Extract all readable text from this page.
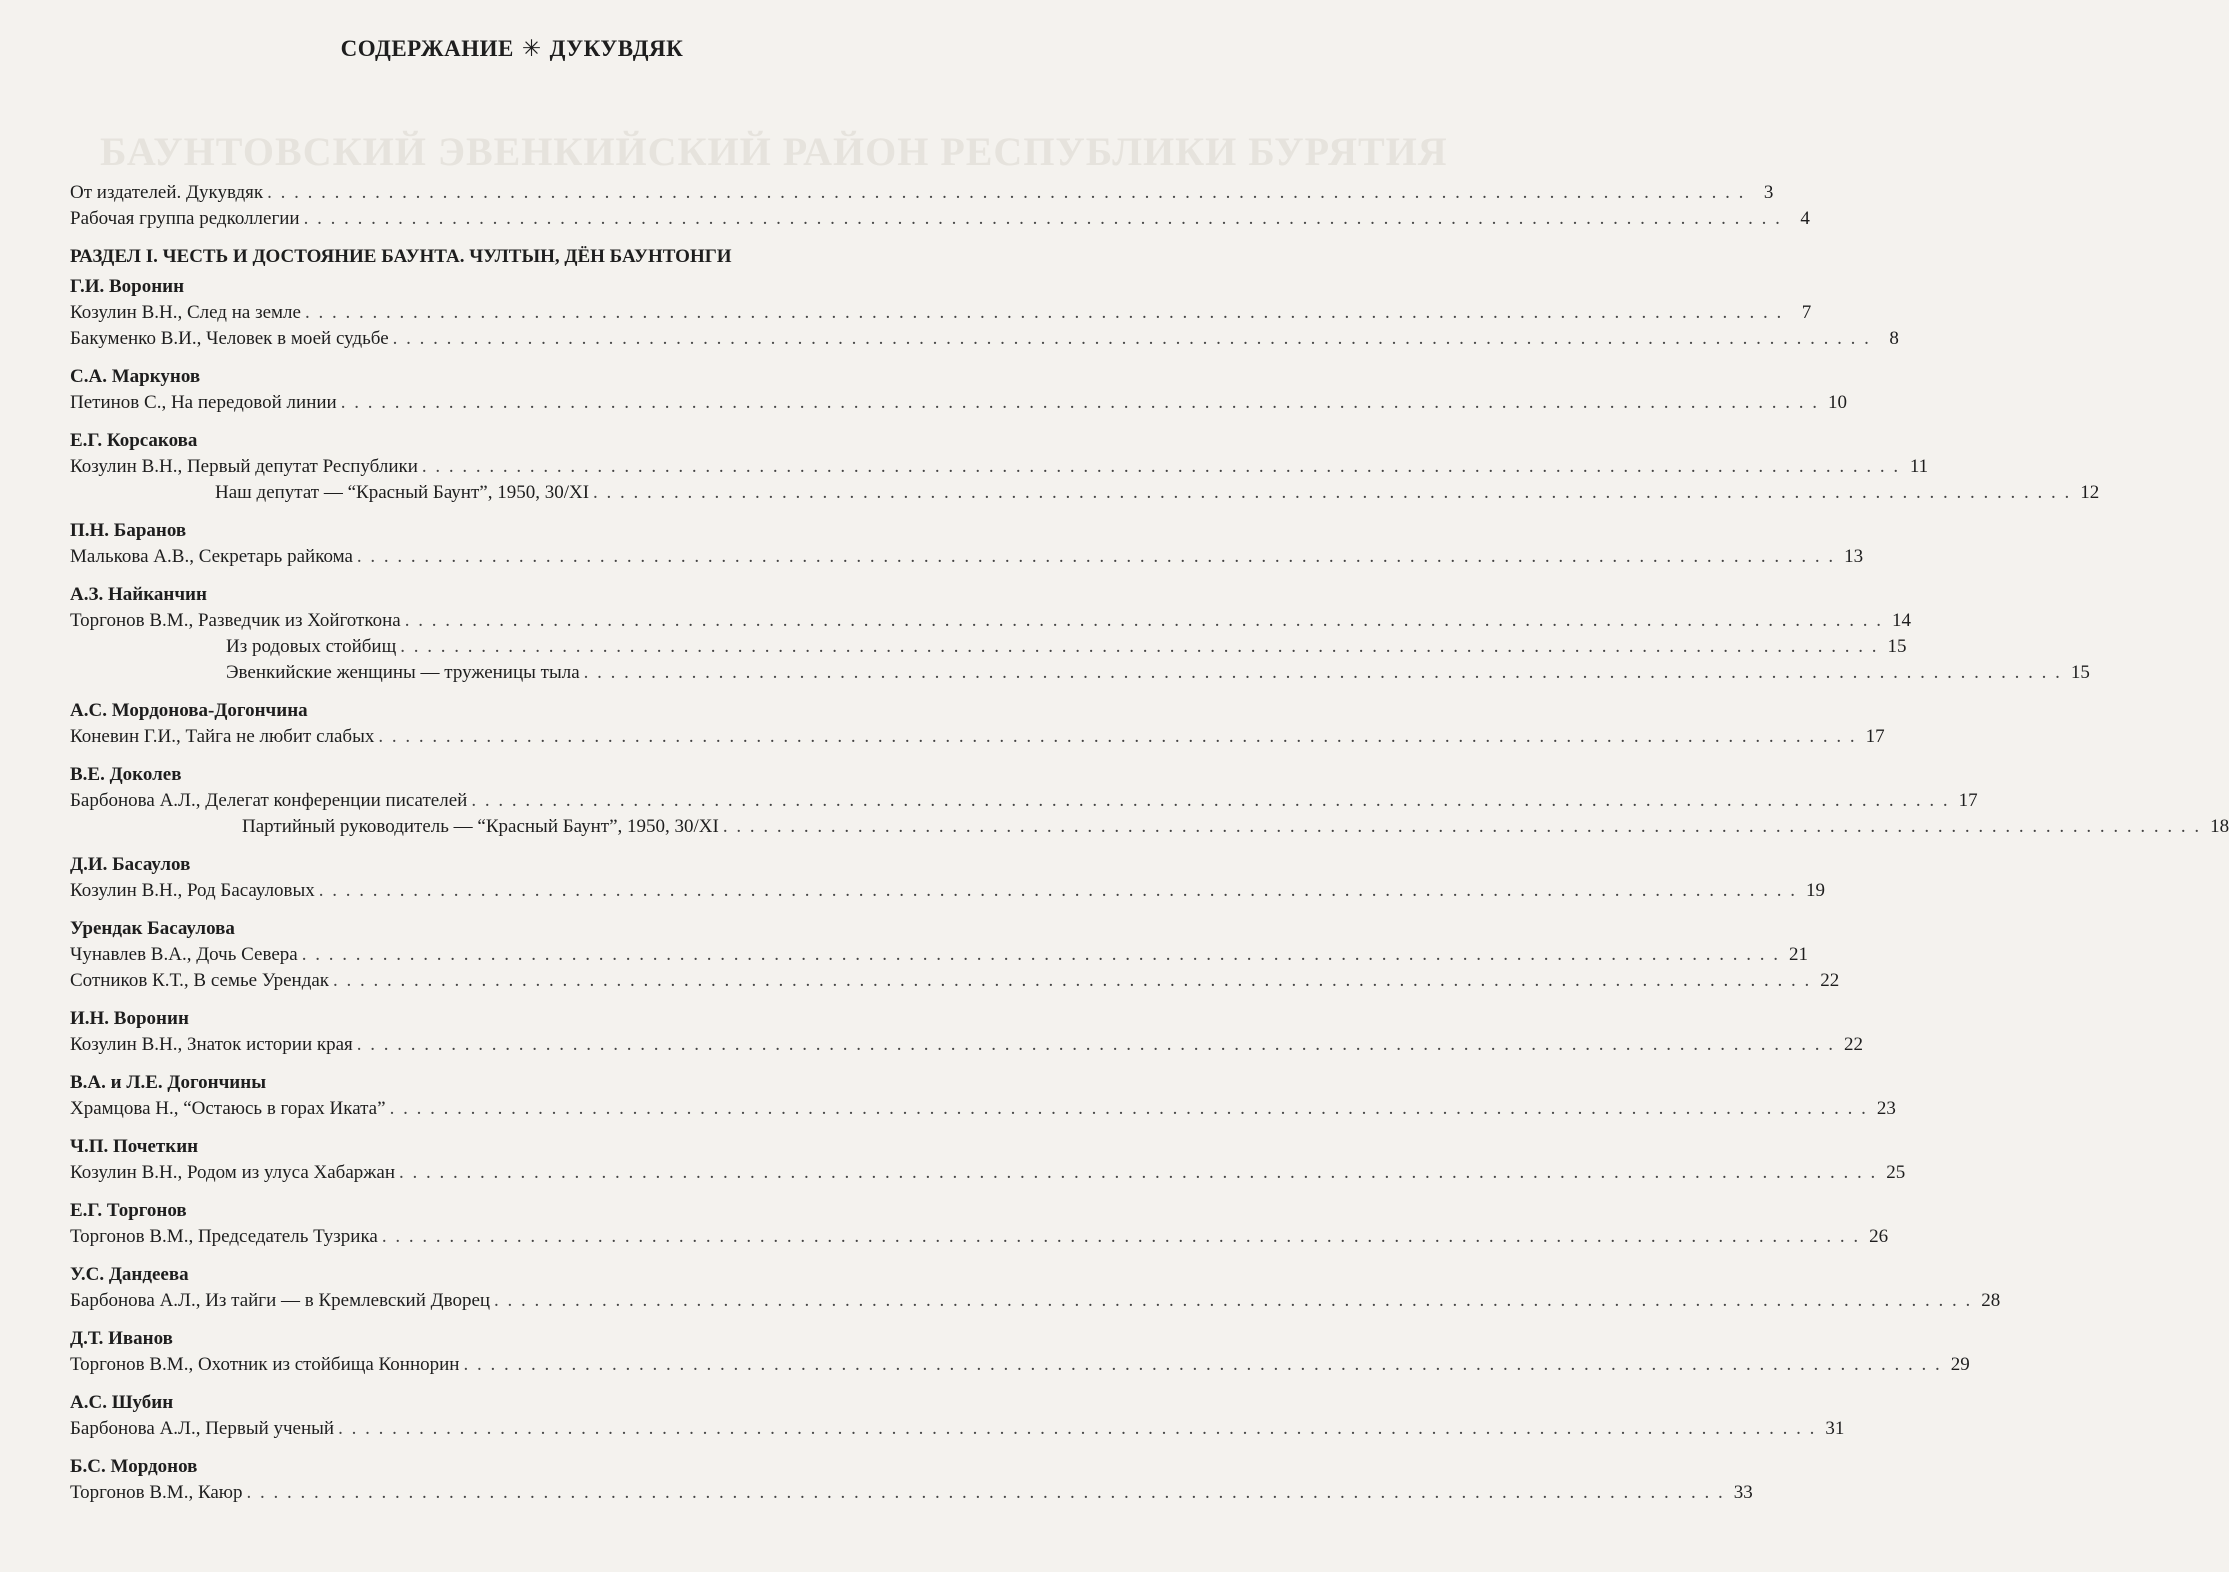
БАУНТОВСКИЙ ЭВЕНКИЙСКИЙ РАЙОН РЕСПУБЛИКИ БУРЯТИЯ
СОДЕРЖАНИЕ ✳ ДУКУВДЯК
От издателей. Дукувдяк . . .	3
Рабочая группа редколлегии . . .	4
РАЗДЕЛ I. ЧЕСТЬ И ДОСТОЯНИЕ БАУНТА. ЧУЛТЫН, ДЁН БАУНТОНГИ
Г.И. Воронин
Козулин В.Н., След на земле . . .	7
Бакуменко В.И., Человек в моей судьбе . . .	8
С.А. Маркунов
Петинов С., На передовой линии . . .	10
Е.Г. Корсакова
Козулин В.Н., Первый депутат Республики . . .	11
Наш депутат — “Красный Баунт”, 1950, 30/XI . . .	12
П.Н. Баранов
Малькова А.В., Секретарь райкома . . .	13
А.З. Найканчин
Торгонов В.М., Разведчик из Хойготкона . . .	14
Из родовых стойбищ . . .	15
Эвенкийские женщины — труженицы тыла . . .	15
А.С. Мордонова-Догончина
Коневин Г.И., Тайга не любит слабых . . .	17
В.Е. Доколев
Барбонова А.Л., Делегат конференции писателей . . .	17
Партийный руководитель — “Красный Баунт”, 1950, 30/XI . . .	18
Д.И. Басаулов
Козулин В.Н., Род Басауловых . . .	19
Урендак Басаулова
Чунавлев В.А., Дочь Севера . . .	21
Сотников К.Т., В семье Урендак . . .	22
И.Н. Воронин
Козулин В.Н., Знаток истории края . . .	22
В.А. и Л.Е. Догончины
Храмцова Н., “Остаюсь в горах Иката” . . .	23
Ч.П. Почеткин
Козулин В.Н., Родом из улуса Хабаржан . . .	25
Е.Г. Торгонов
Торгонов В.М., Председатель Тузрика . . .	26
У.С. Дандеева
Барбонова А.Л., Из тайги — в Кремлевский Дворец . . .	28
Д.Т. Иванов
Торгонов В.М., Охотник из стойбища Коннорин . . .	29
А.С. Шубин
Барбонова А.Л., Первый ученый . . .	31
Б.С. Мордонов
Торгонов В.М., Каюр . . .	33
